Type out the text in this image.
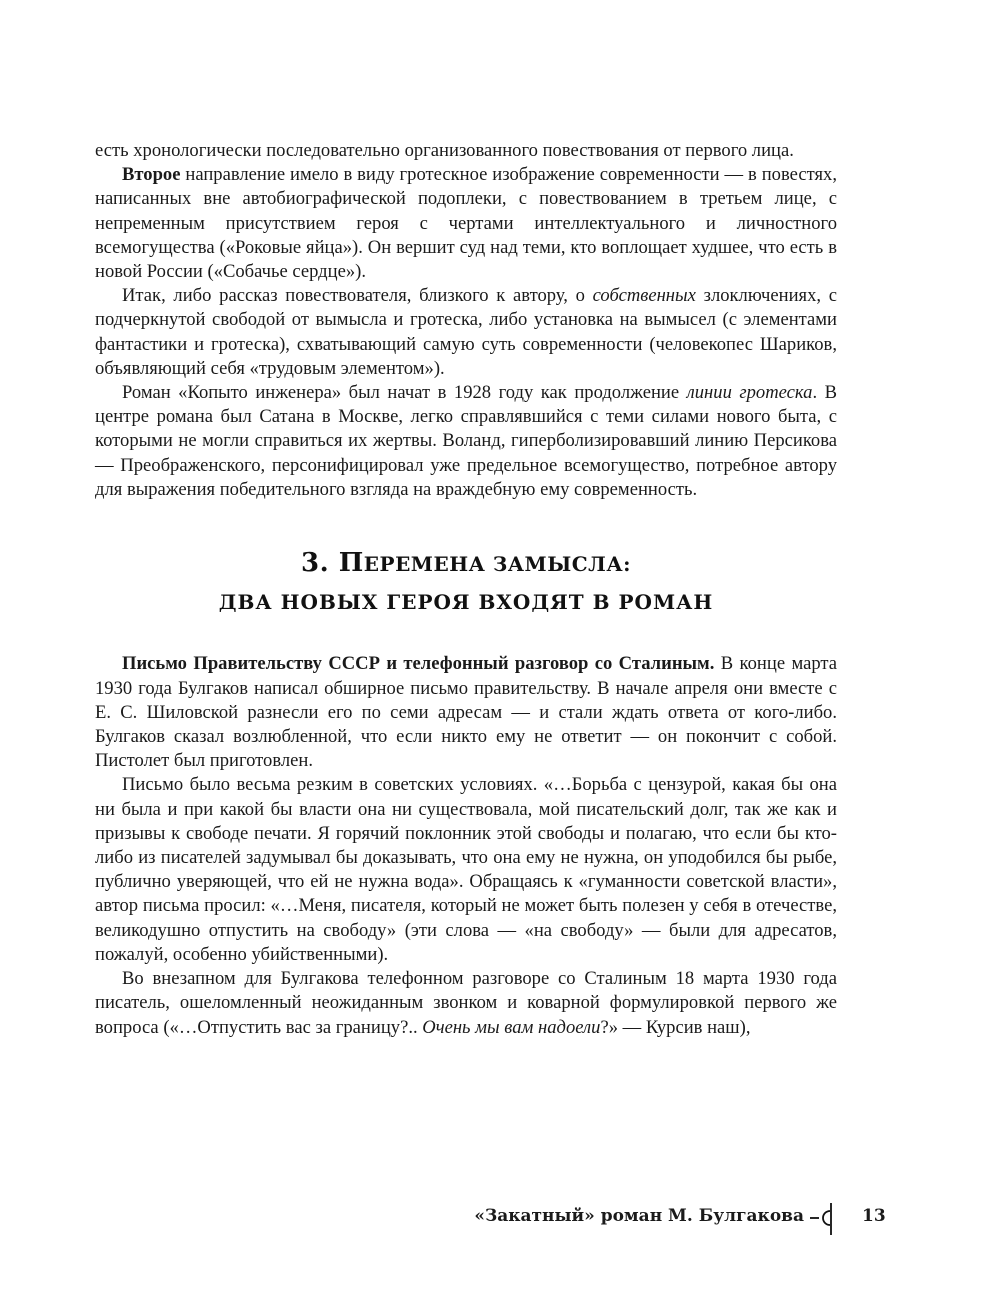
есть хронологически последовательно организованного повествования от первого лица.

Второе направление имело в виду гротескное изображение современности — в повестях, написанных вне автобиографической подоплеки, с повествованием в третьем лице, с непременным присутствием героя с чертами интеллектуального и личностного всемогущества («Роковые яйца»). Он вершит суд над теми, кто воплощает худшее, что есть в новой России («Собачье сердце»).

Итак, либо рассказ повествователя, близкого к автору, о собственных злоключениях, с подчеркнутой свободой от вымысла и гротеска, либо установка на вымысел (с элементами фантастики и гротеска), схватывающий самую суть современности (человекопес Шариков, объявляющий себя «трудовым элементом»).

Роман «Копыто инженера» был начат в 1928 году как продолжение линии гротеска. В центре романа был Сатана в Москве, легко справлявшийся с теми силами нового быта, с которыми не могли справиться их жертвы. Воланд, гиперболизировавший линию Персикова — Преображенского, персонифицировал уже предельное всемогущество, потребное автору для выражения победительного взгляда на враждебную ему современность.

3. ПЕРЕМЕНА ЗАМЫСЛА:
ДВА НОВЫХ ГЕРОЯ ВХОДЯТ В РОМАН

Письмо Правительству СССР и телефонный разговор со Сталиным. В конце марта 1930 года Булгаков написал обширное письмо правительству. В начале апреля они вместе с Е. С. Шиловской разнесли его по семи адресам — и стали ждать ответа от кого-либо. Булгаков сказал возлюбленной, что если никто ему не ответит — он покончит с собой. Пистолет был приготовлен.

Письмо было весьма резким в советских условиях. «…Борьба с цензурой, какая бы она ни была и при какой бы власти она ни существовала, мой писательский долг, так же как и призывы к свободе печати. Я горячий поклонник этой свободы и полагаю, что если бы кто-либо из писателей задумывал бы доказывать, что она ему не нужна, он уподобился бы рыбе, публично уверяющей, что ей не нужна вода». Обращаясь к «гуманности советской власти», автор письма просил: «…Меня, писателя, который не может быть полезен у себя в отечестве, великодушно отпустить на свободу» (эти слова — «на свободу» — были для адресатов, пожалуй, особенно убийственными).

Во внезапном для Булгакова телефонном разговоре со Сталиным 18 марта 1930 года писатель, ошеломленный неожиданным звонком и коварной формулировкой первого же вопроса («…Отпустить вас за границу?.. Очень мы вам надоели?» — Курсив наш),

«Закатный» роман М. Булгакова	13
